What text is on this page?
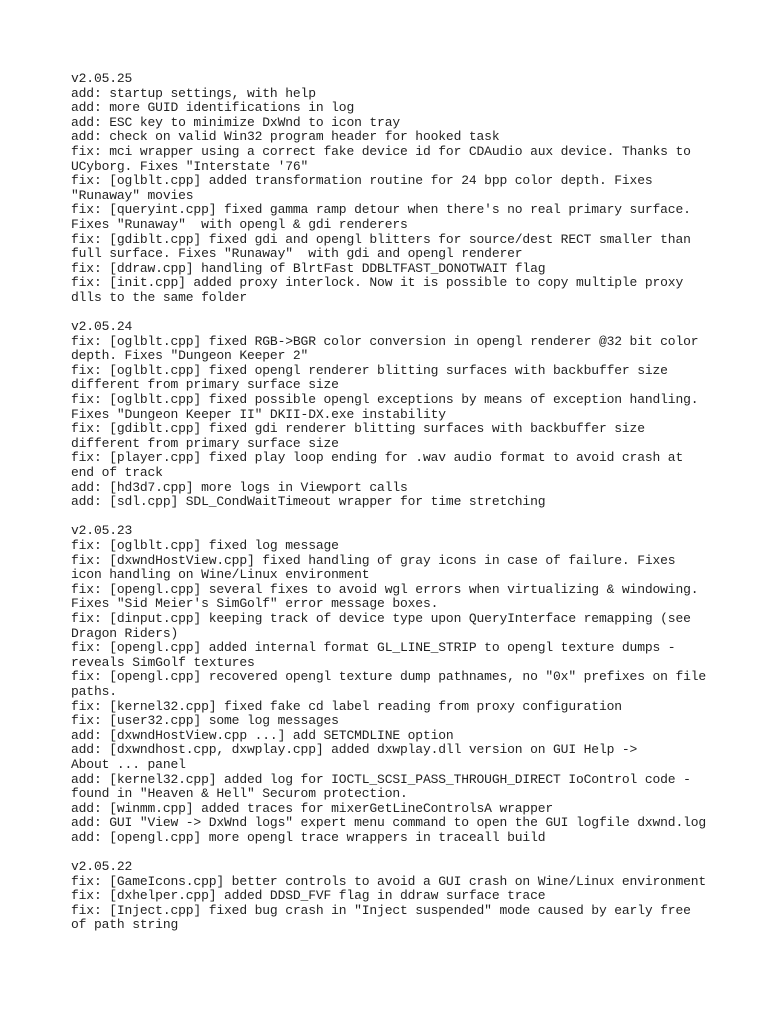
v2.05.25
add: startup settings, with help
add: more GUID identifications in log
add: ESC key to minimize DxWnd to icon tray
add: check on valid Win32 program header for hooked task
fix: mci wrapper using a correct fake device id for CDAudio aux device. Thanks to
UCyborg. Fixes "Interstate '76"
fix: [oglblt.cpp] added transformation routine for 24 bpp color depth. Fixes
"Runaway" movies
fix: [queryint.cpp] fixed gamma ramp detour when there's no real primary surface.
Fixes "Runaway"  with opengl & gdi renderers
fix: [gdiblt.cpp] fixed gdi and opengl blitters for source/dest RECT smaller than
full surface. Fixes "Runaway"  with gdi and opengl renderer
fix: [ddraw.cpp] handling of BlrtFast DDBLTFAST_DONOTWAIT flag
fix: [init.cpp] added proxy interlock. Now it is possible to copy multiple proxy
dlls to the same folder
v2.05.24
fix: [oglblt.cpp] fixed RGB->BGR color conversion in opengl renderer @32 bit color
depth. Fixes "Dungeon Keeper 2"
fix: [oglblt.cpp] fixed opengl renderer blitting surfaces with backbuffer size
different from primary surface size
fix: [oglblt.cpp] fixed possible opengl exceptions by means of exception handling.
Fixes "Dungeon Keeper II" DKII-DX.exe instability
fix: [gdiblt.cpp] fixed gdi renderer blitting surfaces with backbuffer size
different from primary surface size
fix: [player.cpp] fixed play loop ending for .wav audio format to avoid crash at
end of track
add: [hd3d7.cpp] more logs in Viewport calls
add: [sdl.cpp] SDL_CondWaitTimeout wrapper for time stretching
v2.05.23
fix: [oglblt.cpp] fixed log message
fix: [dxwndHostView.cpp] fixed handling of gray icons in case of failure. Fixes
icon handling on Wine/Linux environment
fix: [opengl.cpp] several fixes to avoid wgl errors when virtualizing & windowing.
Fixes "Sid Meier's SimGolf" error message boxes.
fix: [dinput.cpp] keeping track of device type upon QueryInterface remapping (see
Dragon Riders)
fix: [opengl.cpp] added internal format GL_LINE_STRIP to opengl texture dumps -
reveals SimGolf textures
fix: [opengl.cpp] recovered opengl texture dump pathnames, no "0x" prefixes on file
paths.
fix: [kernel32.cpp] fixed fake cd label reading from proxy configuration
fix: [user32.cpp] some log messages
add: [dxwndHostView.cpp ...] add SETCMDLINE option
add: [dxwndhost.cpp, dxwplay.cpp] added dxwplay.dll version on GUI Help ->
About ... panel
add: [kernel32.cpp] added log for IOCTL_SCSI_PASS_THROUGH_DIRECT IoControl code -
found in "Heaven & Hell" Securom protection.
add: [winmm.cpp] added traces for mixerGetLineControlsA wrapper
add: GUI "View -> DxWnd logs" expert menu command to open the GUI logfile dxwnd.log
add: [opengl.cpp] more opengl trace wrappers in traceall build
v2.05.22
fix: [GameIcons.cpp] better controls to avoid a GUI crash on Wine/Linux environment
fix: [dxhelper.cpp] added DDSD_FVF flag in ddraw surface trace
fix: [Inject.cpp] fixed bug crash in "Inject suspended" mode caused by early free
of path string
